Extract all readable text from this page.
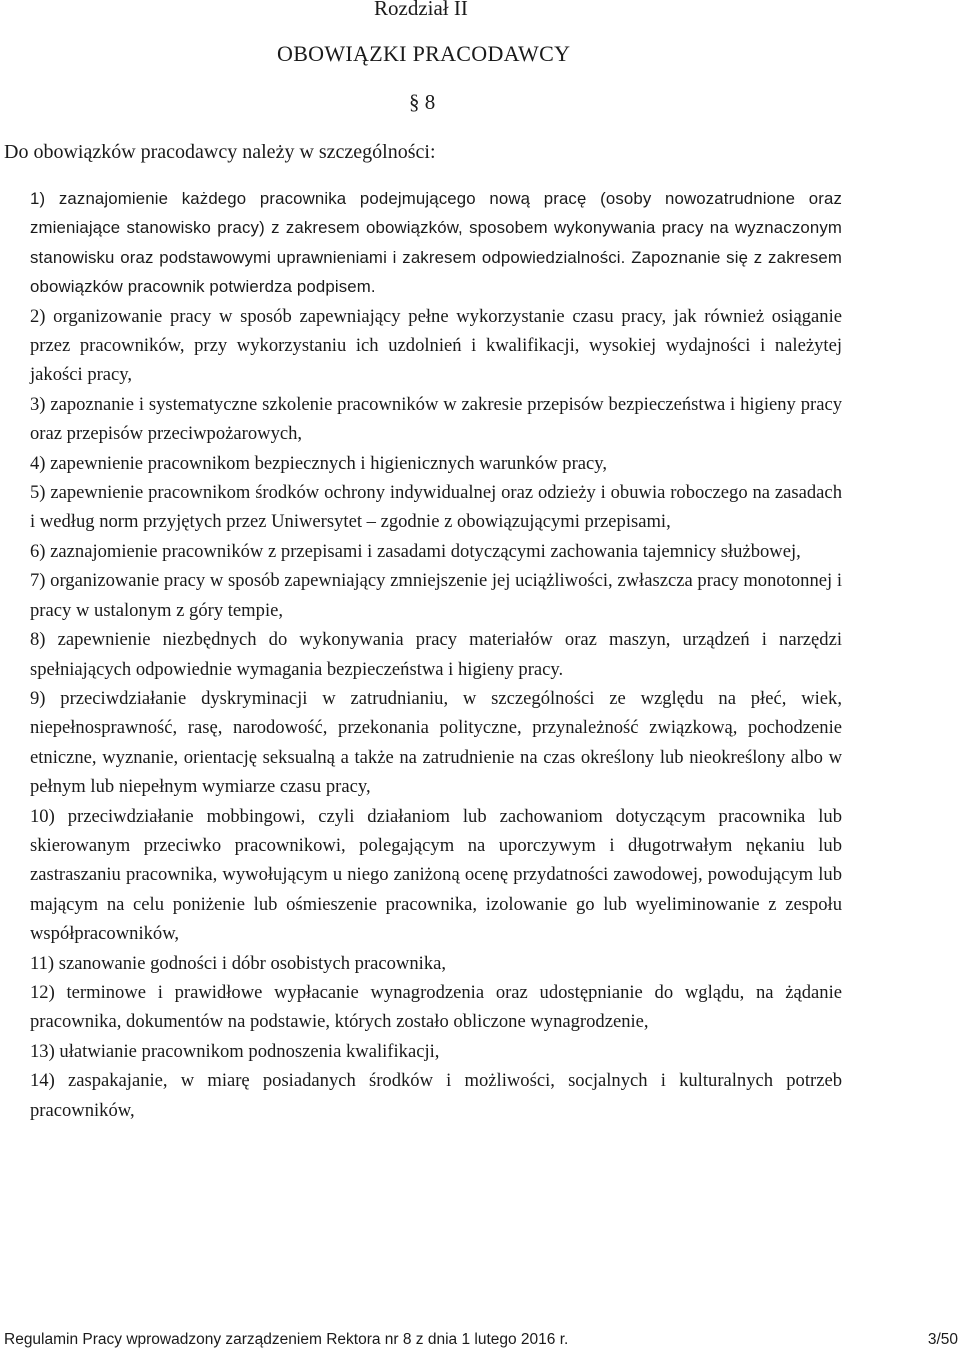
Rozdział II
OBOWIĄZKI PRACODAWCY
§ 8
Do obowiązków pracodawcy należy w szczególności:
1) zaznajomienie każdego pracownika podejmującego nową pracę (osoby nowozatrudnione oraz zmieniające stanowisko pracy) z zakresem obowiązków, sposobem wykonywania pracy na wyznaczonym stanowisku oraz podstawowymi uprawnieniami i zakresem odpowiedzialności. Zapoznanie się z zakresem obowiązków pracownik potwierdza podpisem.
2) organizowanie pracy w sposób zapewniający pełne wykorzystanie czasu pracy, jak również osiąganie przez pracowników, przy wykorzystaniu ich uzdolnień i kwalifikacji, wysokiej wydajności i należytej jakości pracy,
3) zapoznanie i systematyczne szkolenie pracowników w zakresie przepisów bezpieczeństwa i higieny pracy oraz przepisów przeciwpożarowych,
4) zapewnienie pracownikom bezpiecznych i higienicznych warunków pracy,
5) zapewnienie pracownikom środków ochrony indywidualnej oraz odzieży i obuwia roboczego na zasadach i według norm przyjętych przez Uniwersytet – zgodnie z obowiązującymi przepisami,
6) zaznajomienie pracowników z przepisami i zasadami dotyczącymi zachowania tajemnicy służbowej,
7) organizowanie pracy w sposób zapewniający zmniejszenie jej uciążliwości, zwłaszcza pracy monotonnej i pracy w ustalonym z góry tempie,
8) zapewnienie niezbędnych do wykonywania pracy materiałów oraz maszyn, urządzeń i narzędzi spełniających odpowiednie wymagania bezpieczeństwa i higieny pracy.
9) przeciwdziałanie dyskryminacji w zatrudnianiu, w szczególności ze względu na płeć, wiek, niepełnosprawność, rasę, narodowość, przekonania polityczne, przynależność związkową, pochodzenie etniczne, wyznanie, orientację seksualną a także na zatrudnienie na czas określony lub nieokreślony albo w pełnym lub niepełnym wymiarze czasu pracy,
10) przeciwdziałanie mobbingowi, czyli działaniom lub zachowaniom dotyczącym pracownika lub skierowanym przeciwko pracownikowi, polegającym na uporczywym i długotrwałym nękaniu lub zastraszaniu pracownika, wywołującym u niego zaniżoną ocenę przydatności zawodowej, powodującym lub mającym na celu poniżenie lub ośmieszenie pracownika, izolowanie go lub wyeliminowanie z zespołu współpracowników,
11) szanowanie godności i dóbr osobistych pracownika,
12) terminowe i prawidłowe wypłacanie wynagrodzenia oraz udostępnianie do wglądu, na żądanie pracownika, dokumentów na podstawie, których zostało obliczone wynagrodzenie,
13) ułatwianie pracownikom podnoszenia kwalifikacji,
14) zaspakajanie, w miarę posiadanych środków i możliwości, socjalnych i kulturalnych potrzeb pracowników,
Regulamin Pracy wprowadzony zarządzeniem Rektora nr 8 z dnia 1 lutego 2016 r.	3/50
